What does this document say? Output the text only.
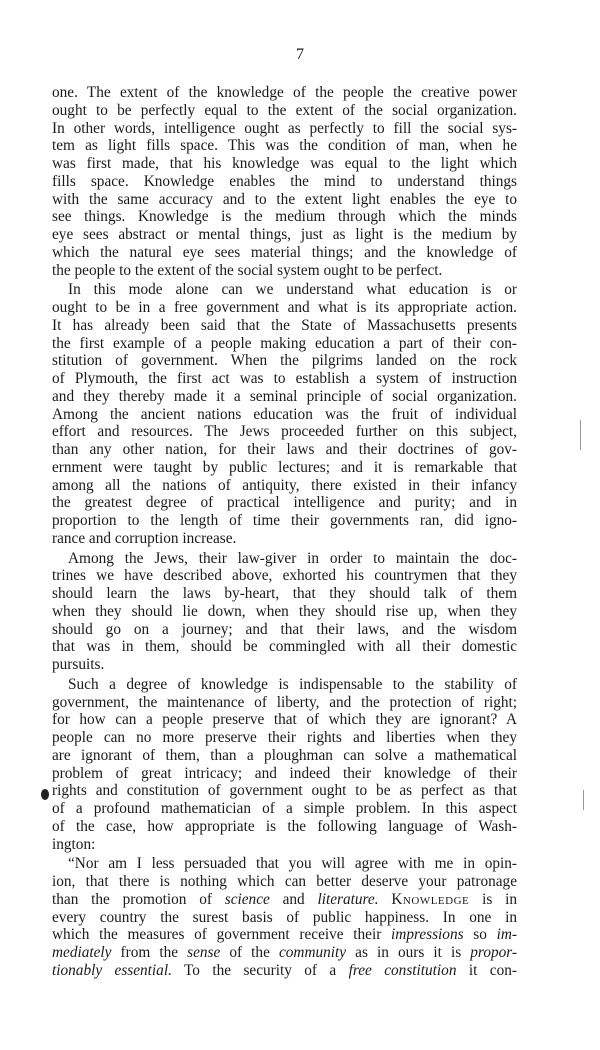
7
one. The extent of the knowledge of the people the creative power
ought to be perfectly equal to the extent of the social organization.
In other words, intelligence ought as perfectly to fill the social sys-
tem as light fills space. This was the condition of man, when he
was first made, that his knowledge was equal to the light which
fills space. Knowledge enables the mind to understand things
with the same accuracy and to the extent light enables the eye to
see things. Knowledge is the medium through which the minds
eye sees abstract or mental things, just as light is the medium by
which the natural eye sees material things; and the knowledge of
the people to the extent of the social system ought to be perfect.
In this mode alone can we understand what education is or
ought to be in a free government and what is its appropriate action.
It has already been said that the State of Massachusetts presents
the first example of a people making education a part of their con-
stitution of government. When the pilgrims landed on the rock
of Plymouth, the first act was to establish a system of instruction
and they thereby made it a seminal principle of social organization.
Among the ancient nations education was the fruit of individual
effort and resources. The Jews proceeded further on this subject,
than any other nation, for their laws and their doctrines of gov-
ernment were taught by public lectures; and it is remarkable that
among all the nations of antiquity, there existed in their infancy
the greatest degree of practical intelligence and purity; and in
proportion to the length of time their governments ran, did igno-
rance and corruption increase.
Among the Jews, their law-giver in order to maintain the doc-
trines we have described above, exhorted his countrymen that they
should learn the laws by-heart, that they should talk of them
when they should lie down, when they should rise up, when they
should go on a journey; and that their laws, and the wisdom
that was in them, should be commingled with all their domestic
pursuits.
Such a degree of knowledge is indispensable to the stability of
government, the maintenance of liberty, and the protection of right;
for how can a people preserve that of which they are ignorant? A
people can no more preserve their rights and liberties when they
are ignorant of them, than a ploughman can solve a mathematical
problem of great intricacy; and indeed their knowledge of their
rights and constitution of government ought to be as perfect as that
of a profound mathematician of a simple problem. In this aspect
of the case, how appropriate is the following language of Wash-
ington:
“Nor am I less persuaded that you will agree with me in opin-
ion, that there is nothing which can better deserve your patronage
than the promotion of science and literature. Knowledge is in
every country the surest basis of public happiness. In one in
which the measures of government receive their impressions so im-
mediately from the sense of the community as in ours it is propor-
tionably essential. To the security of a free constitution it con-
